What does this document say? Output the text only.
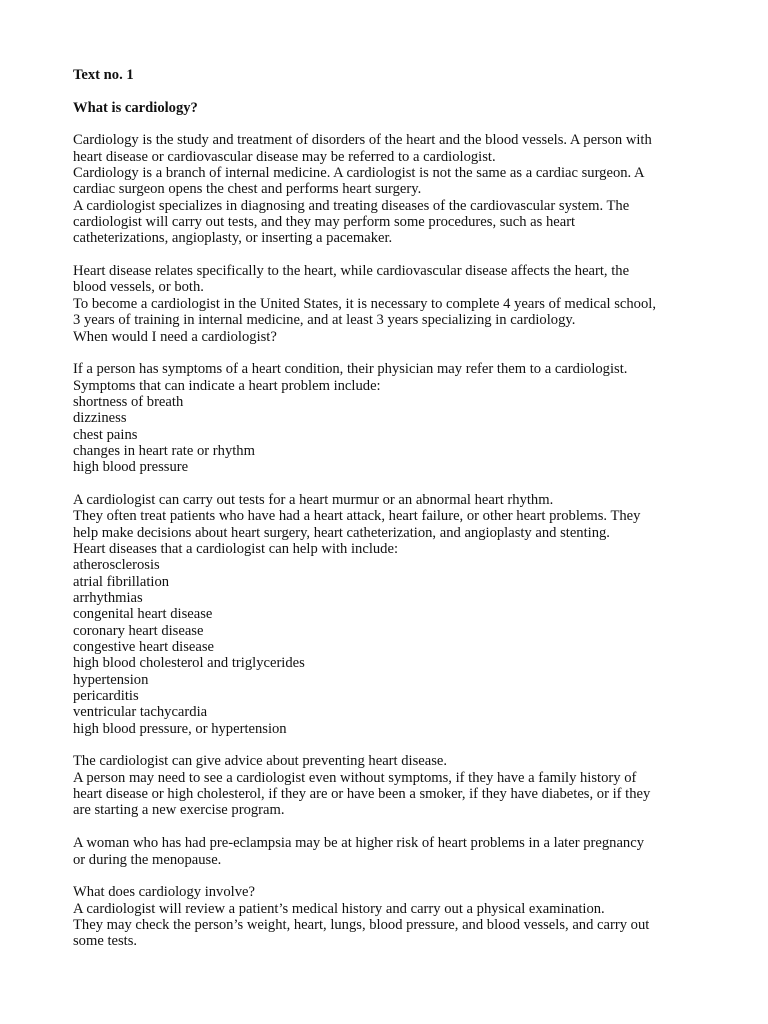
Text no. 1
What is cardiology?
Cardiology is the study and treatment of disorders of the heart and the blood vessels. A person with
heart disease or cardiovascular disease may be referred to a cardiologist.
Cardiology is a branch of internal medicine. A cardiologist is not the same as a cardiac surgeon. A
cardiac surgeon opens the chest and performs heart surgery.
A cardiologist specializes in diagnosing and treating diseases of the cardiovascular system. The
cardiologist will carry out tests, and they may perform some procedures, such as heart
catheterizations, angioplasty, or inserting a pacemaker.
Heart disease relates specifically to the heart, while cardiovascular disease affects the heart, the
blood vessels, or both.
To become a cardiologist in the United States, it is necessary to complete 4 years of medical school,
3 years of training in internal medicine, and at least 3 years specializing in cardiology.
When would I need a cardiologist?
If a person has symptoms of a heart condition, their physician may refer them to a cardiologist.
Symptoms that can indicate a heart problem include:
shortness of breath
dizziness
chest pains
changes in heart rate or rhythm
high blood pressure
A cardiologist can carry out tests for a heart murmur or an abnormal heart rhythm.
They often treat patients who have had a heart attack, heart failure, or other heart problems. They
help make decisions about heart surgery, heart catheterization, and angioplasty and stenting.
Heart diseases that a cardiologist can help with include:
atherosclerosis
atrial fibrillation
arrhythmias
congenital heart disease
coronary heart disease
congestive heart disease
high blood cholesterol and triglycerides
hypertension
pericarditis
ventricular tachycardia
high blood pressure, or hypertension
The cardiologist can give advice about preventing heart disease.
A person may need to see a cardiologist even without symptoms, if they have a family history of
heart disease or high cholesterol, if they are or have been a smoker, if they have diabetes, or if they
are starting a new exercise program.
A woman who has had pre-eclampsia may be at higher risk of heart problems in a later pregnancy
or during the menopause.
What does cardiology involve?
A cardiologist will review a patient’s medical history and carry out a physical examination.
They may check the person’s weight, heart, lungs, blood pressure, and blood vessels, and carry out
some tests.
